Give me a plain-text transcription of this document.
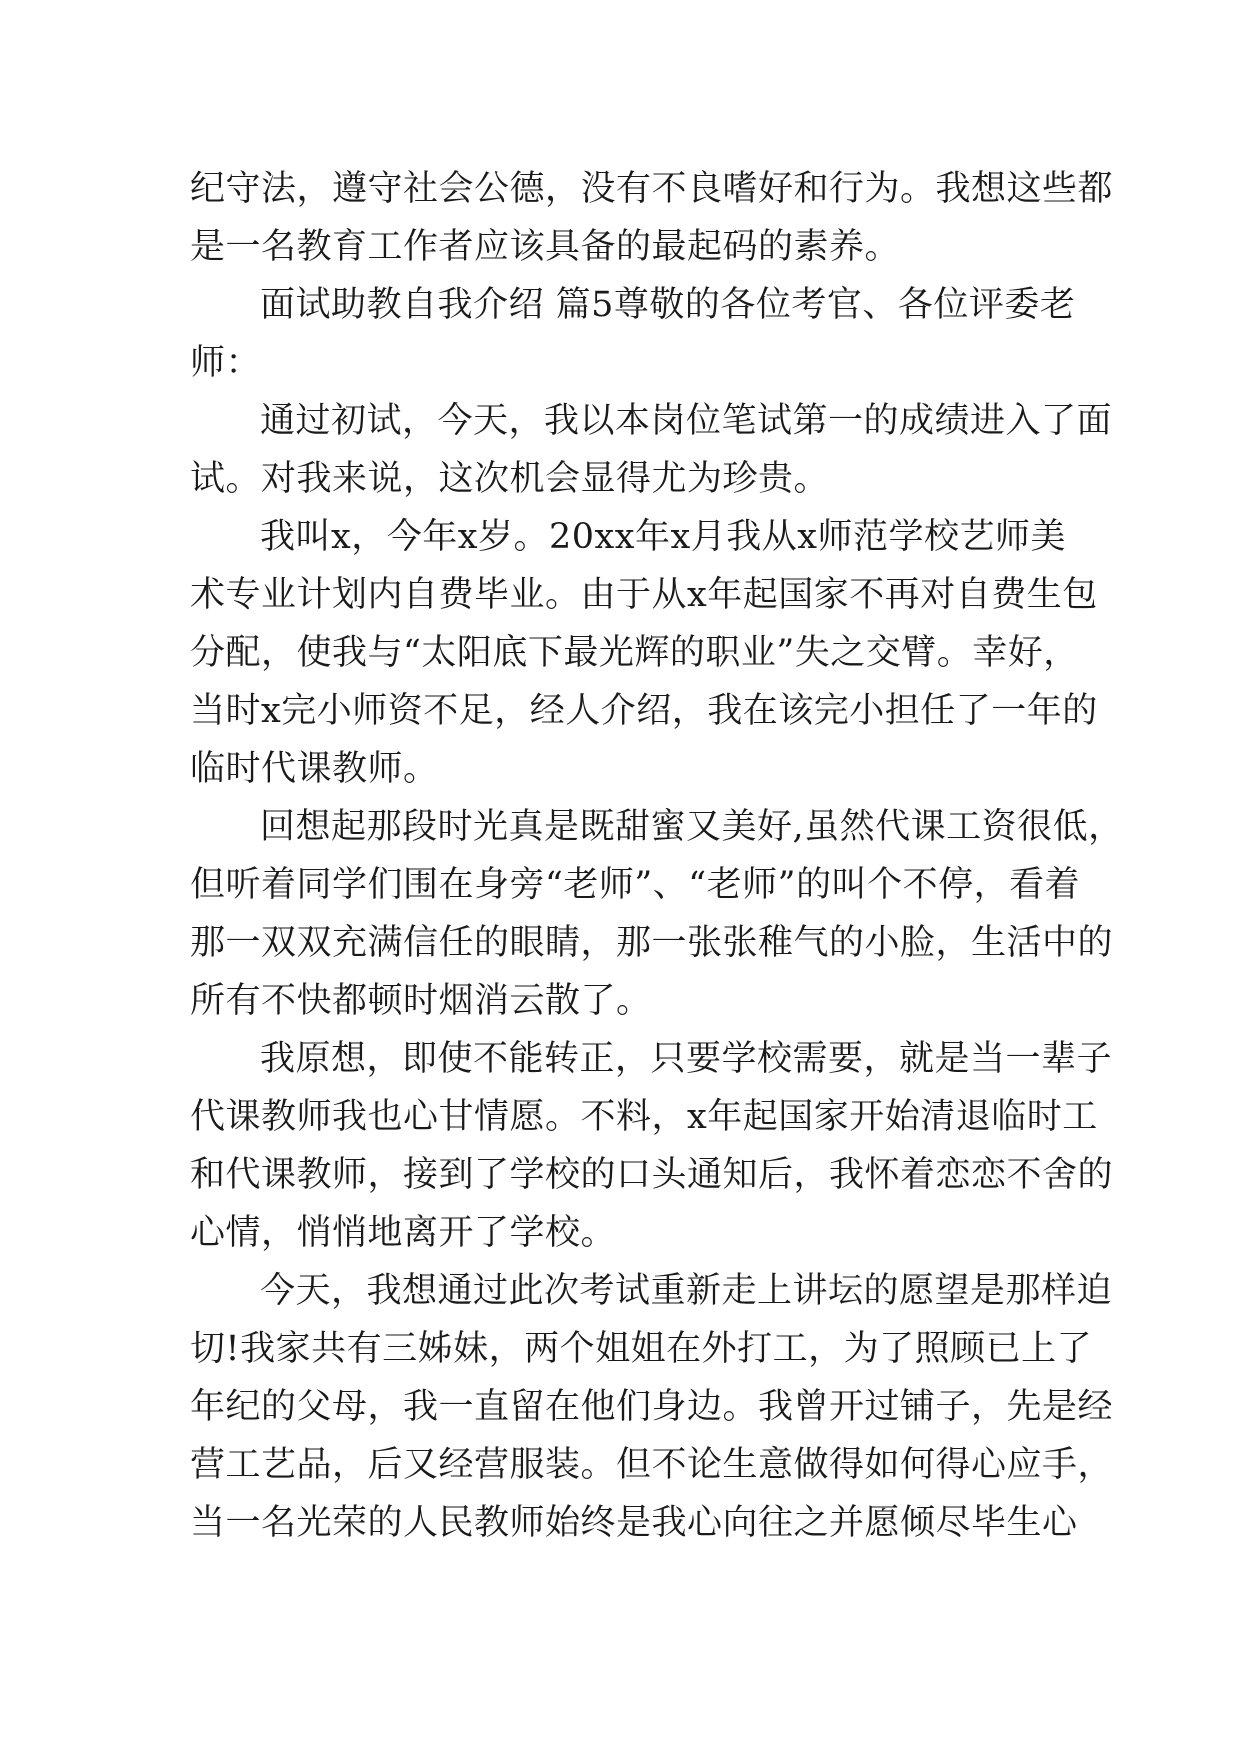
纪守法，遵守社会公德，没有不良嗜好和行为。我想这些都
是一名教育工作者应该具备的最起码的素养。
面试助教自我介绍 篇5尊敬的各位考官、各位评委老
师：
通过初试，今天，我以本岗位笔试第一的成绩进入了面
试。对我来说，这次机会显得尤为珍贵。
我叫x，今年x岁。20xx年x月我从x师范学校艺师美
术专业计划内自费毕业。由于从x年起国家不再对自费生包
分配，使我与“太阳底下最光辉的职业”失之交臂。幸好，
当时x完小师资不足，经人介绍，我在该完小担任了一年的
临时代课教师。
回想起那段时光真是既甜蜜又美好,虽然代课工资很低，
但听着同学们围在身旁“老师”、“老师”的叫个不停，看着
那一双双充满信任的眼睛，那一张张稚气的小脸，生活中的
所有不快都顿时烟消云散了。
我原想，即使不能转正，只要学校需要，就是当一辈子
代课教师我也心甘情愿。不料，x年起国家开始清退临时工
和代课教师，接到了学校的口头通知后，我怀着恋恋不舍的
心情，悄悄地离开了学校。
今天，我想通过此次考试重新走上讲坛的愿望是那样迫
切!我家共有三姊妹，两个姐姐在外打工，为了照顾已上了
年纪的父母，我一直留在他们身边。我曾开过铺子，先是经
营工艺品，后又经营服装。但不论生意做得如何得心应手，
当一名光荣的人民教师始终是我心向往之并愿倾尽毕生心
